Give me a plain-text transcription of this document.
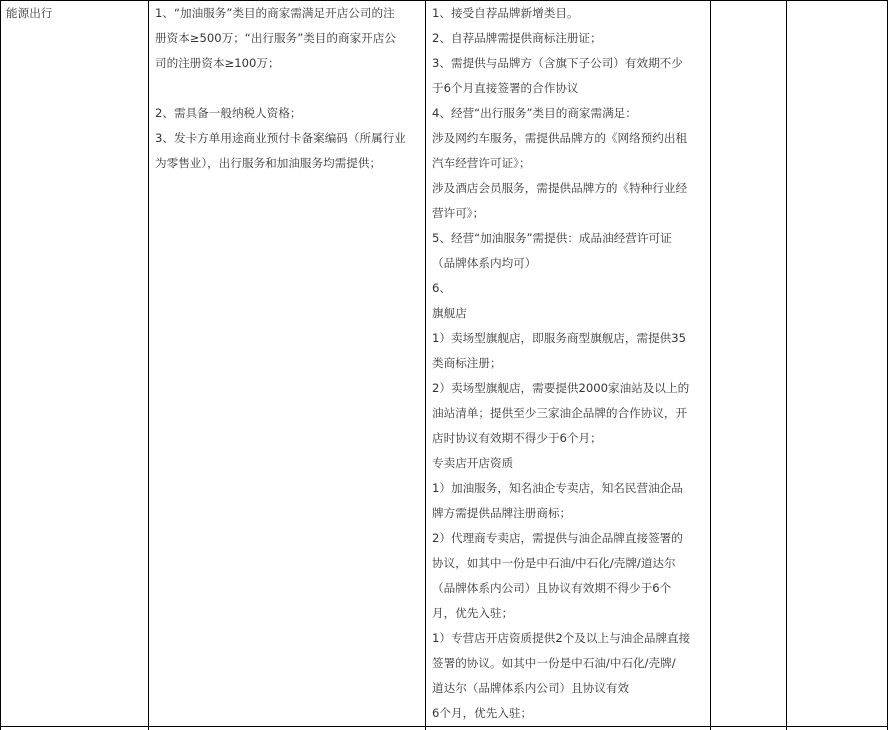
能源出行	1、“加油服务”类目的商家需满足开店公司的注

册资本≥500万；“出行服务”类目的商家开店公

司的注册资本≥100万；

2、需具备一般纳税人资格；

3、发卡方单用途商业预付卡备案编码（所属行业

为零售业），出行服务和加油服务均需提供；

1、接受自荐品牌新增类目。

2、自荐品牌需提供商标注册证；

3、需提供与品牌方（含旗下子公司）有效期不少

于6个月直接签署的合作协议

4、经营“出行服务”类目的商家需满足：

涉及网约车服务，需提供品牌方的《网络预约出租

汽车经营许可证》；

涉及酒店会员服务，需提供品牌方的《特种行业经

营许可》；

5、经营“加油服务”需提供：成品油经营许可证

（品牌体系内均可）

6、

旗舰店

1）卖场型旗舰店，即服务商型旗舰店，需提供35

类商标注册；

2）卖场型旗舰店，需要提供2000家油站及以上的

油站清单；提供至少三家油企品牌的合作协议，开

店时协议有效期不得少于6个月；

专卖店开店资质

1）加油服务，知名油企专卖店，知名民营油企品

牌方需提供品牌注册商标；

2）代理商专卖店，需提供与油企品牌直接签署的

协议，如其中一份是中石油/中石化/壳牌/道达尔

（品牌体系内公司）且协议有效期不得少于6个

月，优先入驻；

1）专营店开店资质提供2个及以上与油企品牌直接

签署的协议。如其中一份是中石油/中石化/壳牌/

道达尔（品牌体系内公司）且协议有效

6个月，优先入驻；
